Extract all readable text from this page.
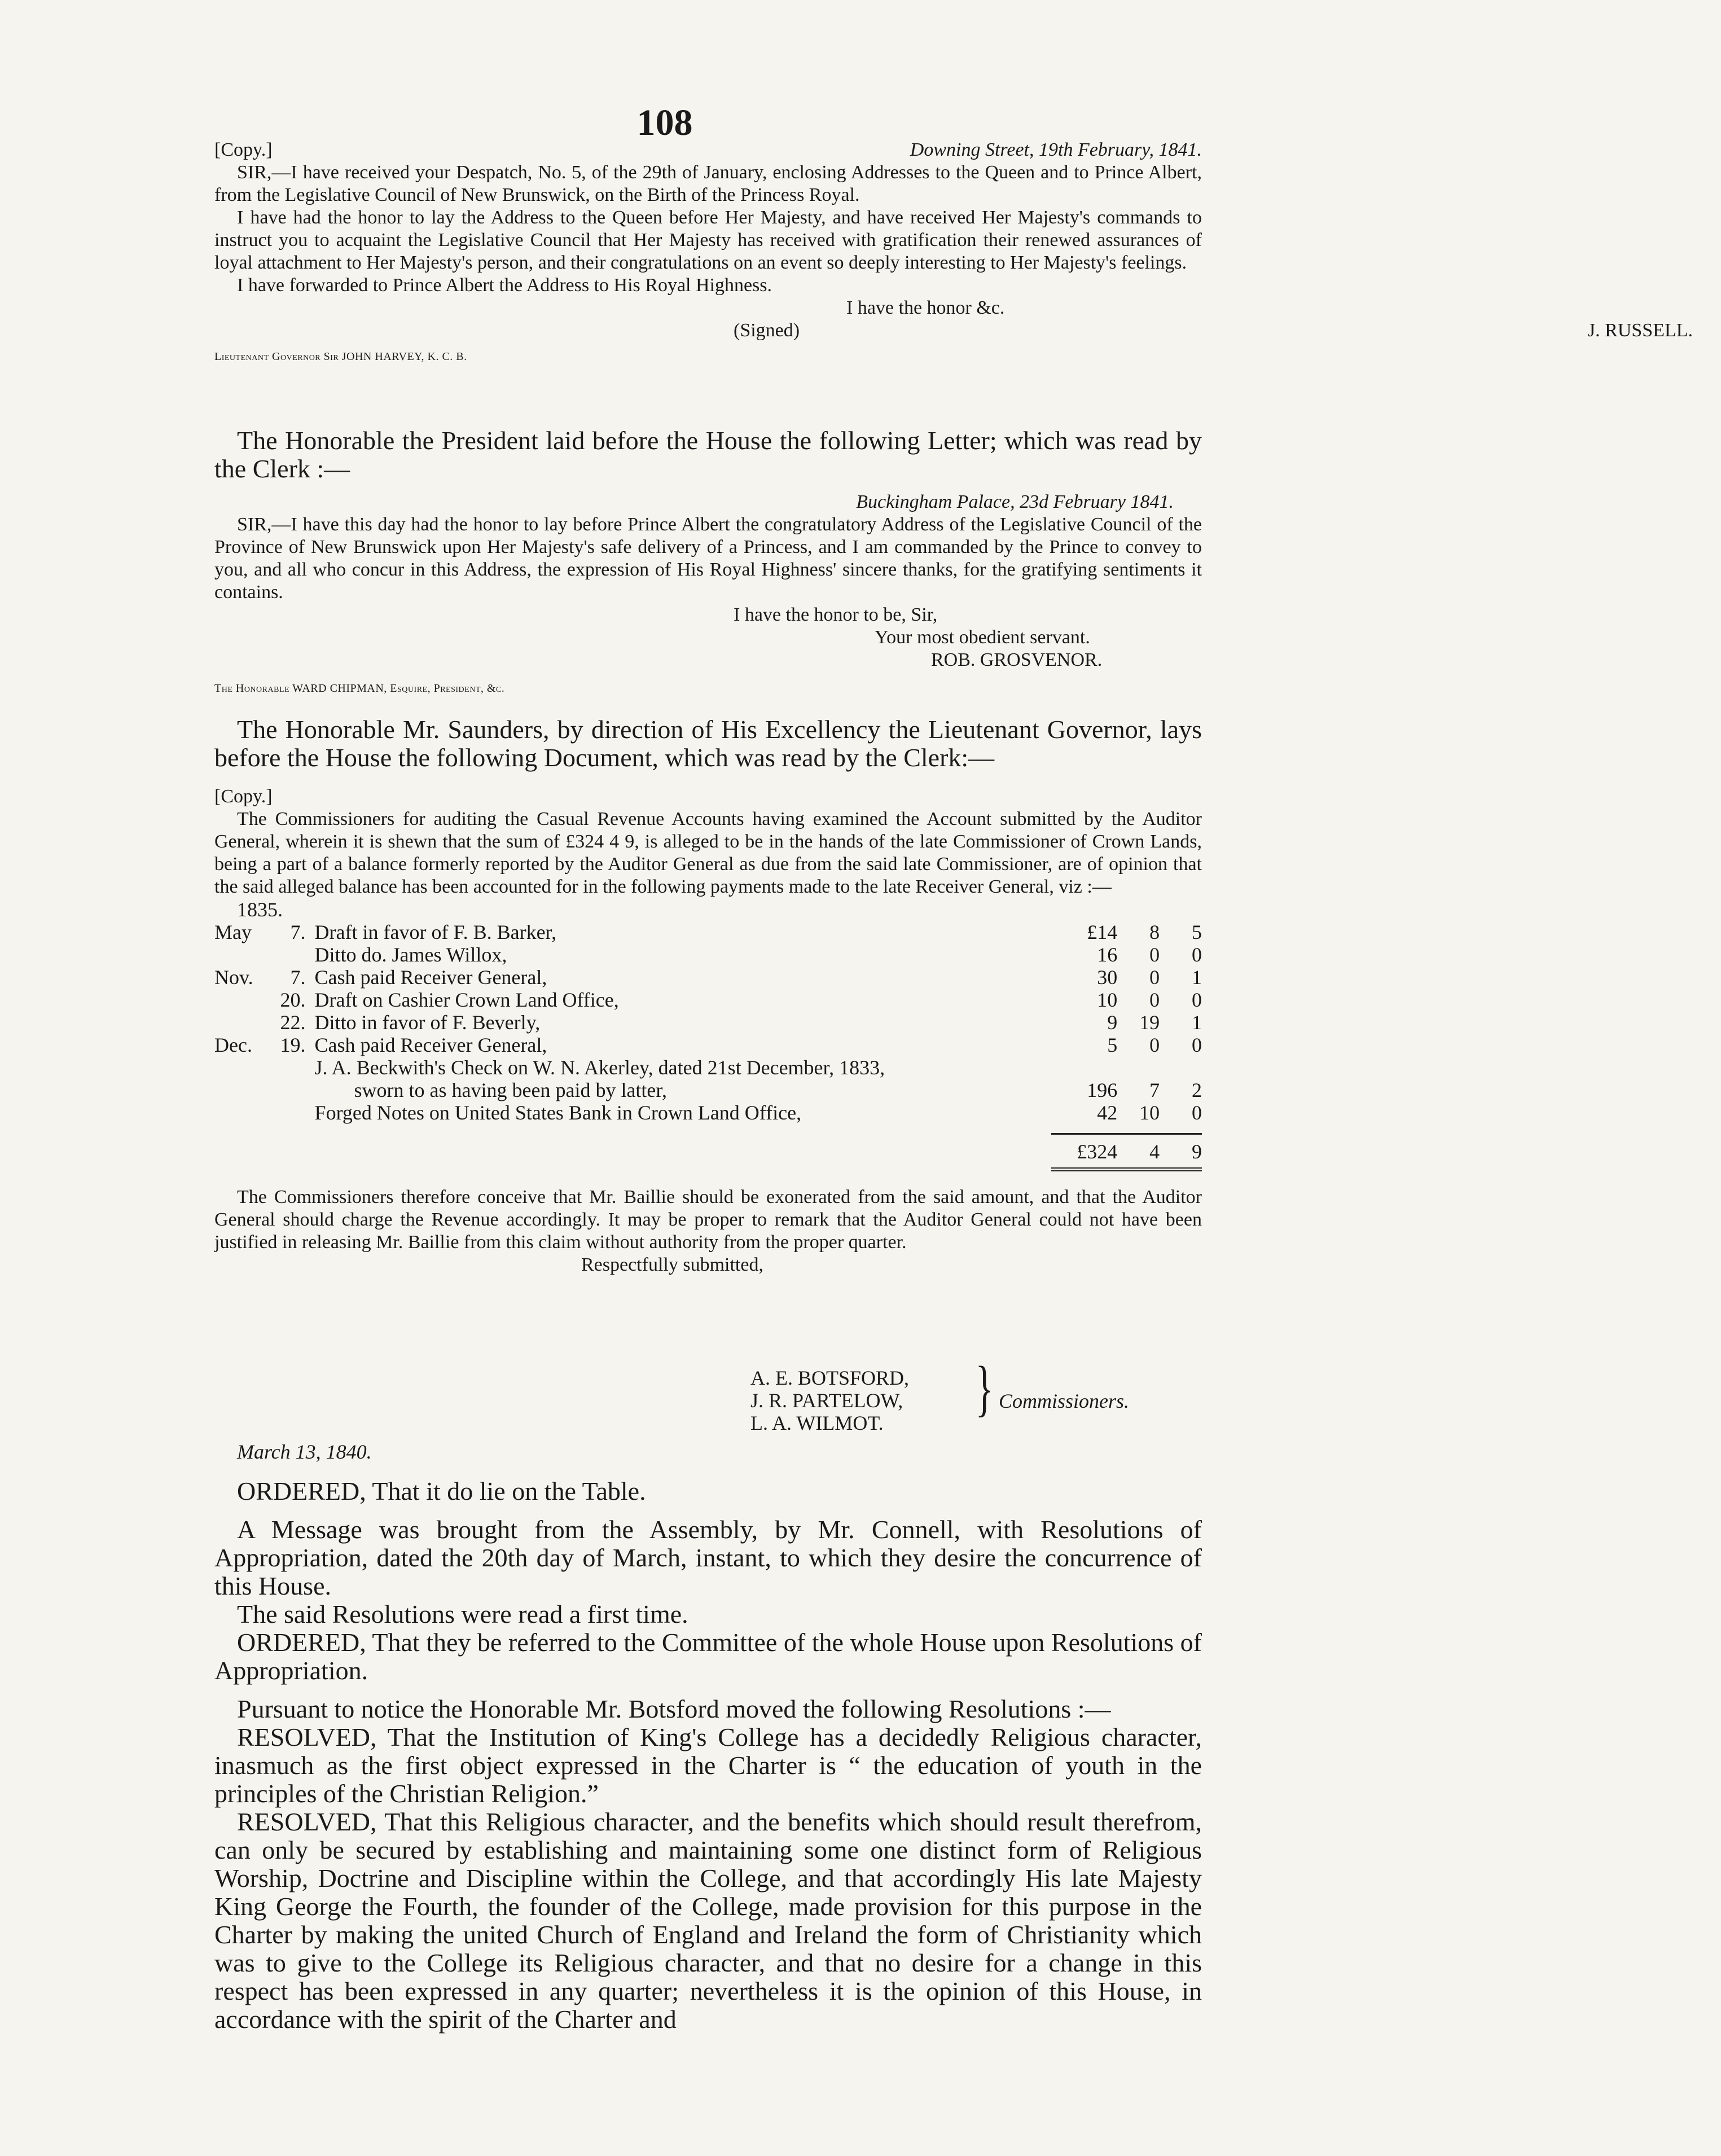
108
[Copy.]	Downing Street, 19th February, 1841.

SIR,—I have received your Despatch, No. 5, of the 29th of January, enclosing Addresses to the Queen and to Prince Albert, from the Legislative Council of New Brunswick, on the Birth of the Princess Royal.

I have had the honor to lay the Address to the Queen before Her Majesty, and have received Her Majesty's commands to instruct you to acquaint the Legislative Council that Her Majesty has received with gratification their renewed assurances of loyal attachment to Her Majesty's person, and their congratulations on an event so deeply interesting to Her Majesty's feelings.

I have forwarded to Prince Albert the Address to His Royal Highness.

I have the honor &c.

(Signed)	J. RUSSELL.

Lieutenant Governor Sir JOHN HARVEY, K. C. B.

The Honorable the President laid before the House the following Letter; which was read by the Clerk :—

Buckingham Palace, 23d February 1841.

SIR,—I have this day had the honor to lay before Prince Albert the congratulatory Address of the Legislative Council of the Province of New Brunswick upon Her Majesty's safe delivery of a Princess, and I am commanded by the Prince to convey to you, and all who concur in this Address, the expression of His Royal Highness' sincere thanks, for the gratifying sentiments it contains.

I have the honor to be, Sir,

Your most obedient servant.

ROB. GROSVENOR.

The Honorable WARD CHIPMAN, Esquire, President, &c.

The Honorable Mr. Saunders, by direction of His Excellency the Lieutenant Governor, lays before the House the following Document, which was read by the Clerk:—

[Copy.]

The Commissioners for auditing the Casual Revenue Accounts having examined the Account submitted by the Auditor General, wherein it is shewn that the sum of £324 4 9, is alleged to be in the hands of the late Commissioner of Crown Lands, being a part of a balance formerly reported by the Auditor General as due from the said late Commissioner, are of opinion that the said alleged balance has been accounted for in the following payments made to the late Receiver General, viz :—

1835.

May	7.	Draft in favor of F. B. Barker,	£14	8	5
		Ditto do. James Willox,	16	0	0
Nov.	7.	Cash paid Receiver General,	30	0	1
	20.	Draft on Cashier Crown Land Office,	10	0	0
	22.	Ditto in favor of F. Beverly,	9	19	1
Dec.	19.	Cash paid Receiver General,	5	0	0
		J. A. Beckwith's Check on W. N. Akerley, dated 21st December, 1833,			
		sworn to as having been paid by latter,	196	7	2
		Forged Notes on United States Bank in Crown Land Office,	42	10	0

			£324	4	9

The Commissioners therefore conceive that Mr. Baillie should be exonerated from the said amount, and that the Auditor General should charge the Revenue accordingly. It may be proper to remark that the Auditor General could not have been justified in releasing Mr. Baillie from this claim without authority from the proper quarter.

Respectfully submitted,

A. E. BOTSFORD,

J. R. PARTELOW,

L. A. WILMOT.

} Commissioners.
March 13, 1840.

ORDERED, That it do lie on the Table.

A Message was brought from the Assembly, by Mr. Connell, with Resolutions of Appropriation, dated the 20th day of March, instant, to which they desire the concurrence of this House.

The said Resolutions were read a first time.

ORDERED, That they be referred to the Committee of the whole House upon Resolutions of Appropriation.

Pursuant to notice the Honorable Mr. Botsford moved the following Resolutions :—

RESOLVED, That the Institution of King's College has a decidedly Religious character, inasmuch as the first object expressed in the Charter is “ the education of youth in the principles of the Christian Religion.”

RESOLVED, That this Religious character, and the benefits which should result therefrom, can only be secured by establishing and maintaining some one distinct form of Religious Worship, Doctrine and Discipline within the College, and that accordingly His late Majesty King George the Fourth, the founder of the College, made provision for this purpose in the Charter by making the united Church of England and Ireland the form of Christianity which was to give to the College its Religious character, and that no desire for a change in this respect has been expressed in any quarter; nevertheless it is the opinion of this House, in accordance with the spirit of the Charter and
